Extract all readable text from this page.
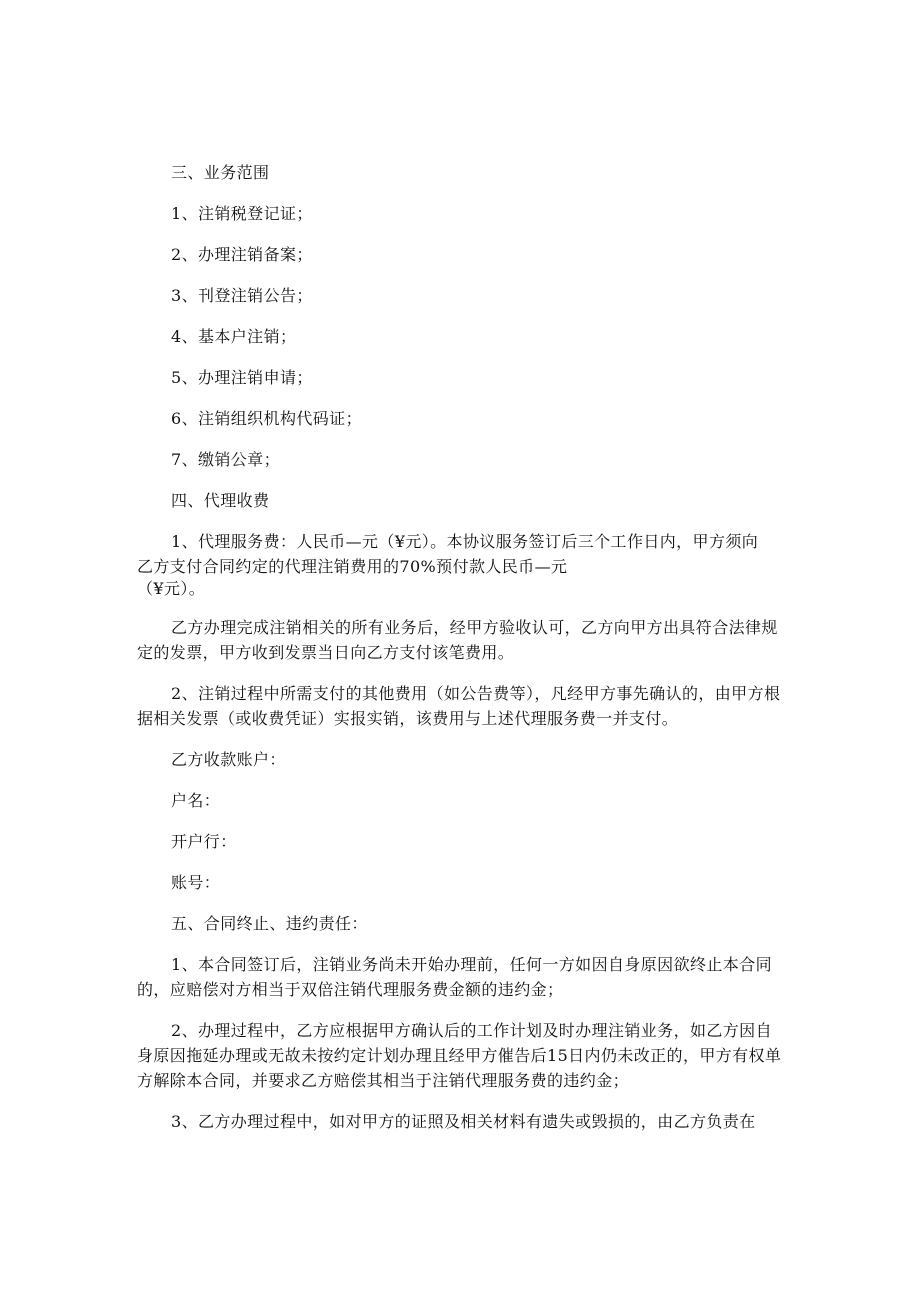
三、业务范围

1、注销税登记证；

2、办理注销备案；

3、刊登注销公告；

4、基本户注销；

5、办理注销申请；

6、注销组织机构代码证；

7、缴销公章；

四、代理收费

1、代理服务费：人民币—元（¥元）。本协议服务签订后三个工作日内，甲方须向
乙方支付合同约定的代理注销费用的70%预付款人民币—元
（¥元）。

乙方办理完成注销相关的所有业务后，经甲方验收认可，乙方向甲方出具符合法律规定的发票，甲方收到发票当日向乙方支付该笔费用。

2、注销过程中所需支付的其他费用（如公告费等），凡经甲方事先确认的，由甲方根据相关发票（或收费凭证）实报实销，该费用与上述代理服务费一并支付。

乙方收款账户：

户名：

开户行：

账号：

五、合同终止、违约责任：

1、本合同签订后，注销业务尚未开始办理前，任何一方如因自身原因欲终止本合同的，应赔偿对方相当于双倍注销代理服务费金额的违约金；

2、办理过程中，乙方应根据甲方确认后的工作计划及时办理注销业务，如乙方因自身原因拖延办理或无故未按约定计划办理且经甲方催告后15日内仍未改正的，甲方有权单方解除本合同，并要求乙方赔偿其相当于注销代理服务费的违约金；

3、乙方办理过程中，如对甲方的证照及相关材料有遗失或毁损的，由乙方负责在
